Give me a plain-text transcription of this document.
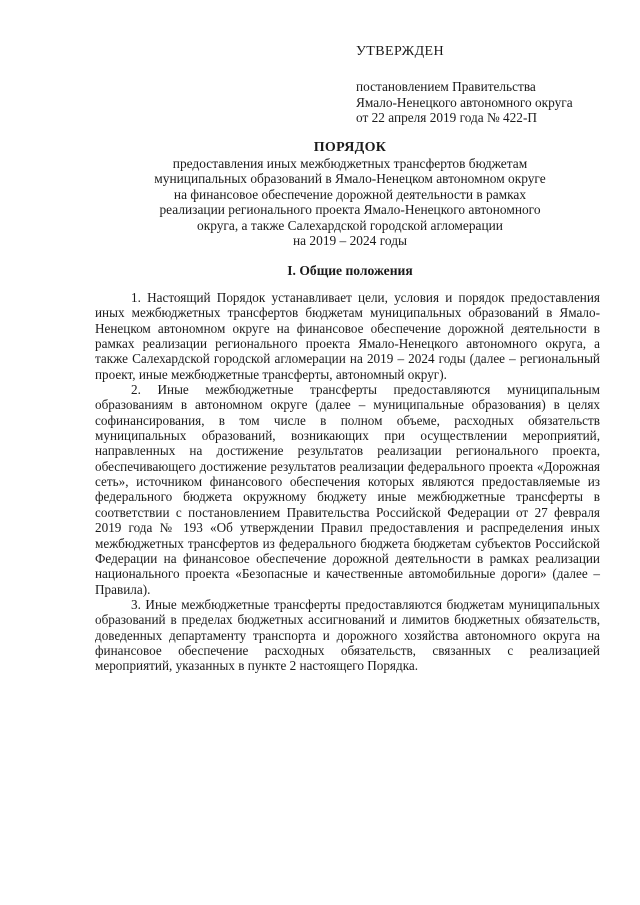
УТВЕРЖДЕН
постановлением Правительства
Ямало-Ненецкого автономного округа
от 22 апреля 2019 года № 422-П
ПОРЯДОК
предоставления иных межбюджетных трансфертов бюджетам
муниципальных образований в Ямало-Ненецком автономном округе
на финансовое обеспечение дорожной деятельности в рамках
реализации регионального проекта Ямало-Ненецкого автономного
округа, а также Салехардской городской агломерации
на 2019 – 2024 годы
I. Общие положения

1. Настоящий Порядок устанавливает цели, условия и порядок предоставления иных межбюджетных трансфертов бюджетам муниципальных образований в Ямало-Ненецком автономном округе на финансовое обеспечение дорожной деятельности в рамках реализации регионального проекта Ямало-Ненецкого автономного округа, а также Салехардской городской агломерации на 2019 – 2024 годы (далее – региональный проект, иные межбюджетные трансферты, автономный округ).

2. Иные межбюджетные трансферты предоставляются муниципальным образованиям в автономном округе (далее – муниципальные образования) в целях софинансирования, в том числе в полном объеме, расходных обязательств муниципальных образований, возникающих при осуществлении мероприятий, направленных на достижение результатов реализации регионального проекта, обеспечивающего достижение результатов реализации федерального проекта «Дорожная сеть», источником финансового обеспечения которых являются предоставляемые из федерального бюджета окружному бюджету иные межбюджетные трансферты в соответствии с постановлением Правительства Российской Федерации от 27 февраля 2019 года № 193 «Об утверждении Правил предоставления и распределения иных межбюджетных трансфертов из федерального бюджета бюджетам субъектов Российской Федерации на финансовое обеспечение дорожной деятельности в рамках реализации национального проекта «Безопасные и качественные автомобильные дороги» (далее – Правила).

3. Иные межбюджетные трансферты предоставляются бюджетам муниципальных образований в пределах бюджетных ассигнований и лимитов бюджетных обязательств, доведенных департаменту транспорта и дорожного хозяйства автономного округа на финансовое обеспечение расходных обязательств, связанных с реализацией мероприятий, указанных в пункте 2 настоящего Порядка.
